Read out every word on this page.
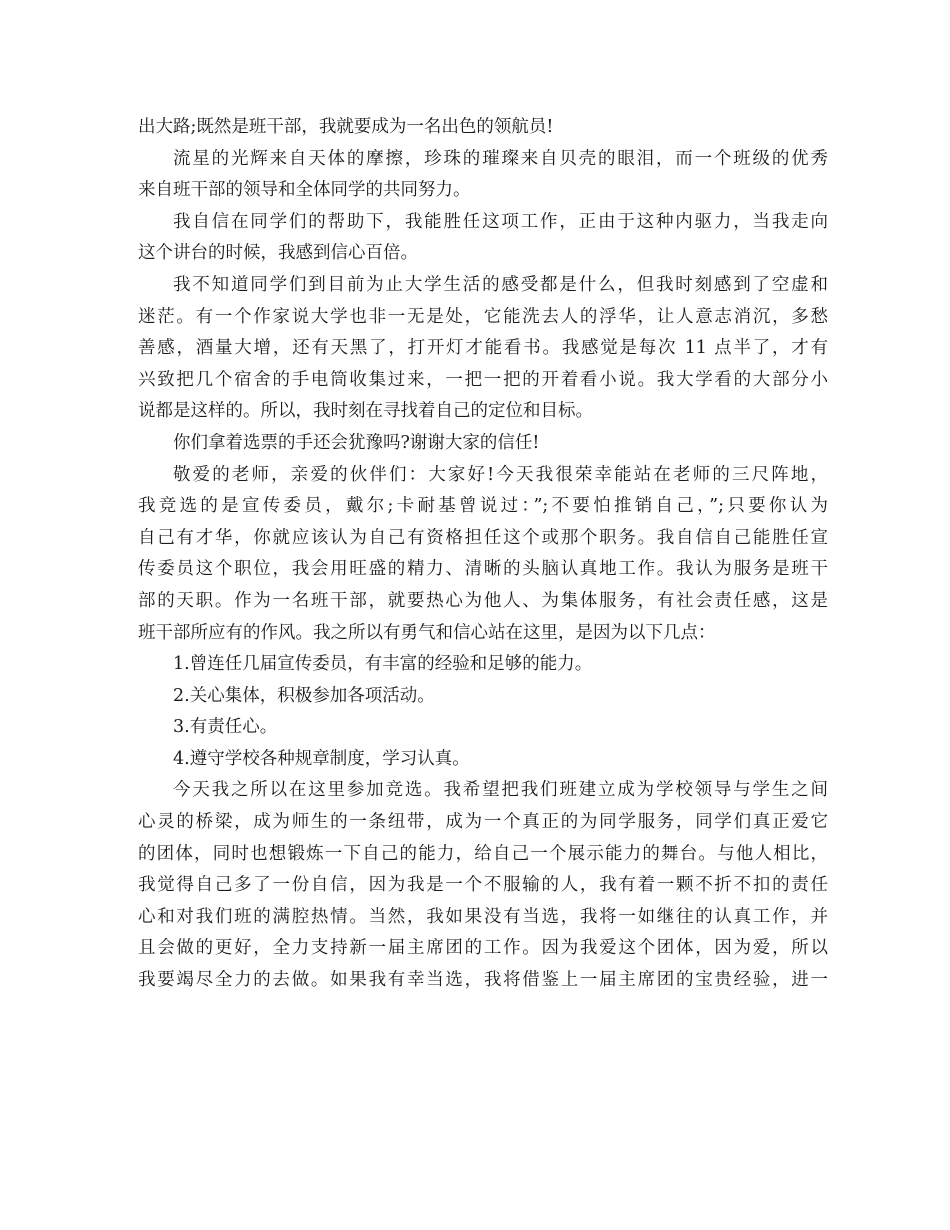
出大路;既然是班干部，我就要成为一名出色的领航员!
流星的光辉来自天体的摩擦，珍珠的璀璨来自贝壳的眼泪，而一个班级的优秀
来自班干部的领导和全体同学的共同努力。
我自信在同学们的帮助下，我能胜任这项工作，正由于这种内驱力，当我走向
这个讲台的时候，我感到信心百倍。
我不知道同学们到目前为止大学生活的感受都是什么，但我时刻感到了空虚和
迷茫。有一个作家说大学也非一无是处，它能洗去人的浮华，让人意志消沉，多愁
善感，酒量大增，还有天黑了，打开灯才能看书。我感觉是每次 11 点半了，才有
兴致把几个宿舍的手电筒收集过来，一把一把的开着看小说。我大学看的大部分小
说都是这样的。所以，我时刻在寻找着自己的定位和目标。
你们拿着选票的手还会犹豫吗?谢谢大家的信任!
敬爱的老师，亲爱的伙伴们：大家好!今天我很荣幸能站在老师的三尺阵地，
我竞选的是宣传委员，戴尔;卡耐基曾说过：”;不要怕推销自己，”;只要你认为
自己有才华，你就应该认为自己有资格担任这个或那个职务。我自信自己能胜任宣
传委员这个职位，我会用旺盛的精力、清晰的头脑认真地工作。我认为服务是班干
部的天职。作为一名班干部，就要热心为他人、为集体服务，有社会责任感，这是
班干部所应有的作风。我之所以有勇气和信心站在这里，是因为以下几点：
1.曾连任几届宣传委员，有丰富的经验和足够的能力。
2.关心集体，积极参加各项活动。
3.有责任心。
4.遵守学校各种规章制度，学习认真。
今天我之所以在这里参加竞选。我希望把我们班建立成为学校领导与学生之间
心灵的桥梁，成为师生的一条纽带，成为一个真正的为同学服务，同学们真正爱它
的团体，同时也想锻炼一下自己的能力，给自己一个展示能力的舞台。与他人相比，
我觉得自己多了一份自信，因为我是一个不服输的人，我有着一颗不折不扣的责任
心和对我们班的满腔热情。当然，我如果没有当选，我将一如继往的认真工作，并
且会做的更好，全力支持新一届主席团的工作。因为我爱这个团体，因为爱，所以
我要竭尽全力的去做。如果我有幸当选，我将借鉴上一届主席团的宝贵经验，进一
